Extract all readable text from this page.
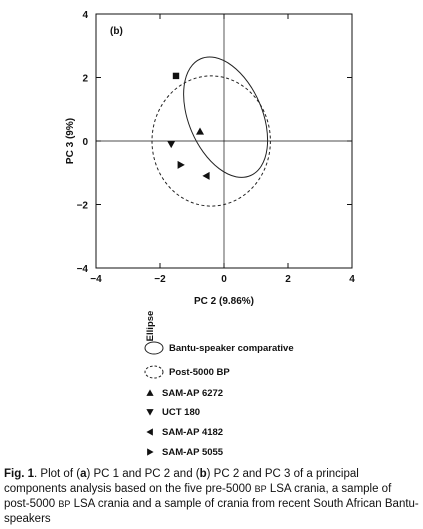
−4	−2	0	2	4
4
2
0
−2
−4
PC 2 (9.86%)
PC 3 (9%)
(b)
Ellipse
Bantu-speaker comparative
Post-5000 BP
SAM-AP 6272
UCT 180
SAM-AP 4182
SAM-AP 5055

Fig. 1. Plot of (a) PC 1 and PC 2 and (b) PC 2 and PC 3 of a principal components analysis based on the five pre-5000 BP LSA crania, a sample of post-5000 BP LSA crania and a sample of crania from recent South African Bantu-speakers
